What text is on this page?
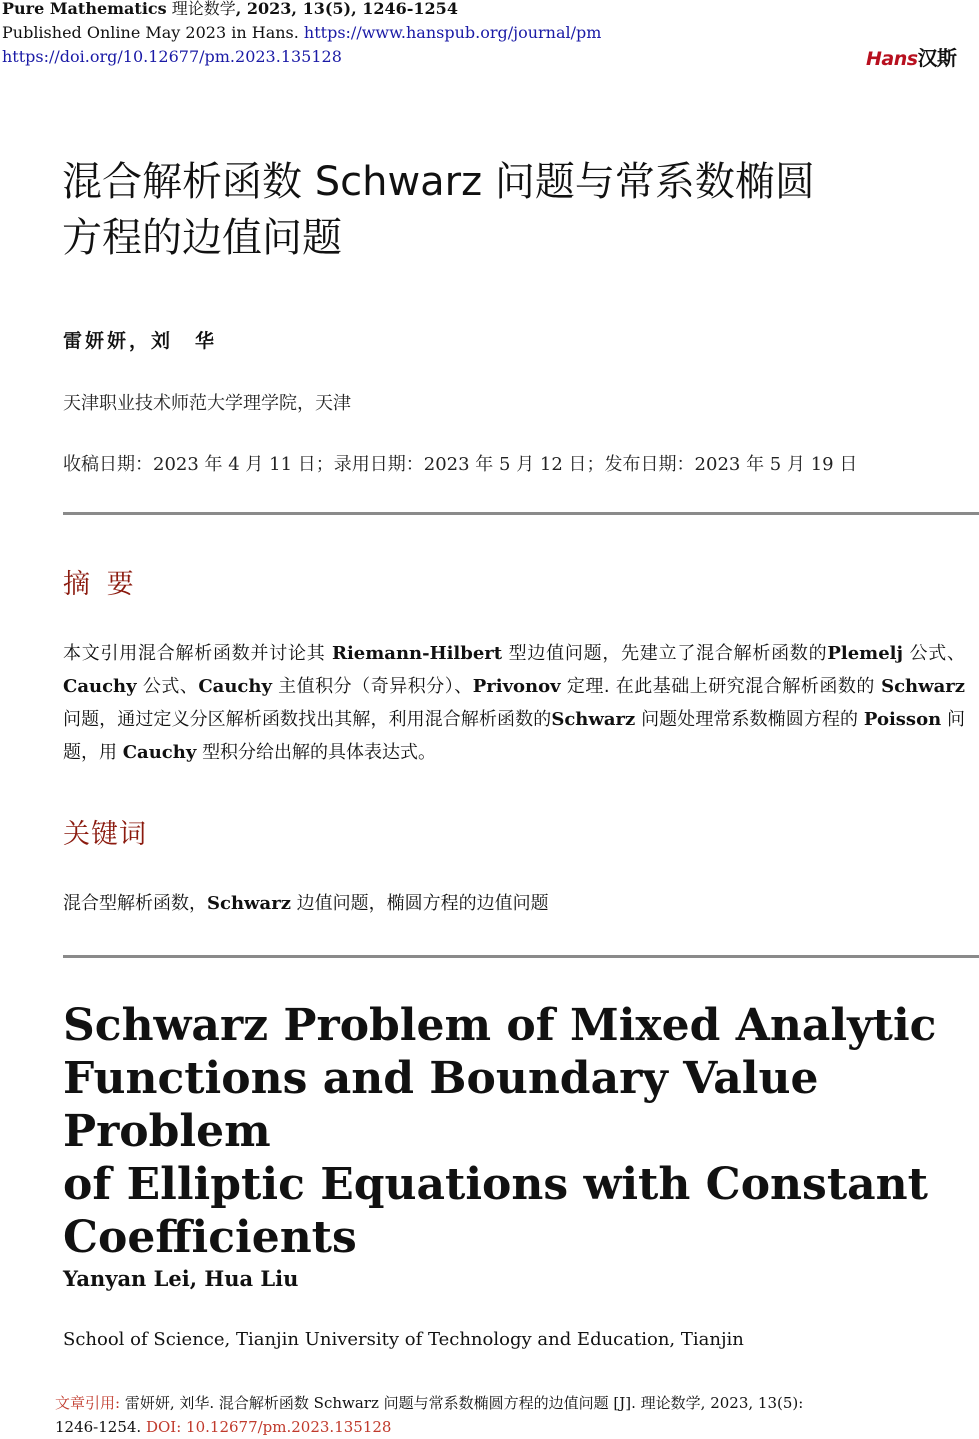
Pure Mathematics 理论数学, 2023, 13(5), 1246-1254
Published Online May 2023 in Hans. https://www.hanspub.org/journal/pm
https://doi.org/10.12677/pm.2023.135128	Hans汉斯
混合解析函数 Schwarz 问题与常系数椭圆
方程的边值问题
雷妍妍，刘　华
天津职业技术师范大学理学院，天津
收稿日期：2023 年 4 月 11 日；录用日期：2023 年 5 月 12 日；发布日期：2023 年 5 月 19 日
摘 要
本文引用混合解析函数并讨论其 Riemann-Hilbert 型边值问题，先建立了混合解析函数的Plemelj 公式、Cauchy 公式、Cauchy 主值积分（奇异积分）、Privonov 定理. 在此基础上研究混合解析函数的 Schwarz 问题，通过定义分区解析函数找出其解，利用混合解析函数的Schwarz 问题处理常系数椭圆方程的 Poisson 问题，用 Cauchy 型积分给出解的具体表达式。
关键词
混合型解析函数，Schwarz 边值问题，椭圆方程的边值问题
Schwarz Problem of Mixed Analytic
Functions and Boundary Value Problem
of Elliptic Equations with Constant
Coefficients
Yanyan Lei, Hua Liu
School of Science, Tianjin University of Technology and Education, Tianjin
文章引用: 雷妍妍, 刘华. 混合解析函数 Schwarz 问题与常系数椭圆方程的边值问题 [J]. 理论数学, 2023, 13(5):
1246-1254. DOI: 10.12677/pm.2023.135128
